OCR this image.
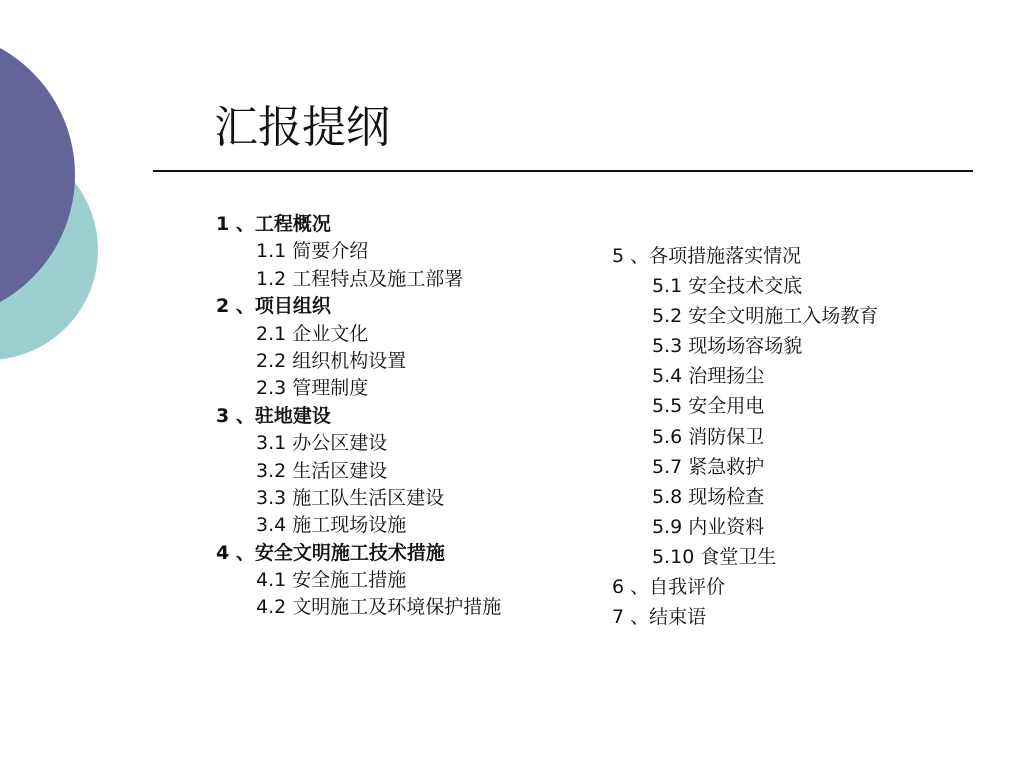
汇报提纲
1 、工程概况
1.1 简要介绍
1.2 工程特点及施工部署
2 、项目组织
2.1 企业文化
2.2 组织机构设置
2.3 管理制度
3 、驻地建设
3.1 办公区建设
3.2 生活区建设
3.3 施工队生活区建设
3.4 施工现场设施
4 、安全文明施工技术措施
4.1 安全施工措施
4.2 文明施工及环境保护措施
5 、各项措施落实情况
5.1 安全技术交底
5.2 安全文明施工入场教育
5.3 现场场容场貌
5.4 治理扬尘
5.5 安全用电
5.6 消防保卫
5.7 紧急救护
5.8 现场检查
5.9 内业资料
5.10 食堂卫生
6 、自我评价
7 、结束语
